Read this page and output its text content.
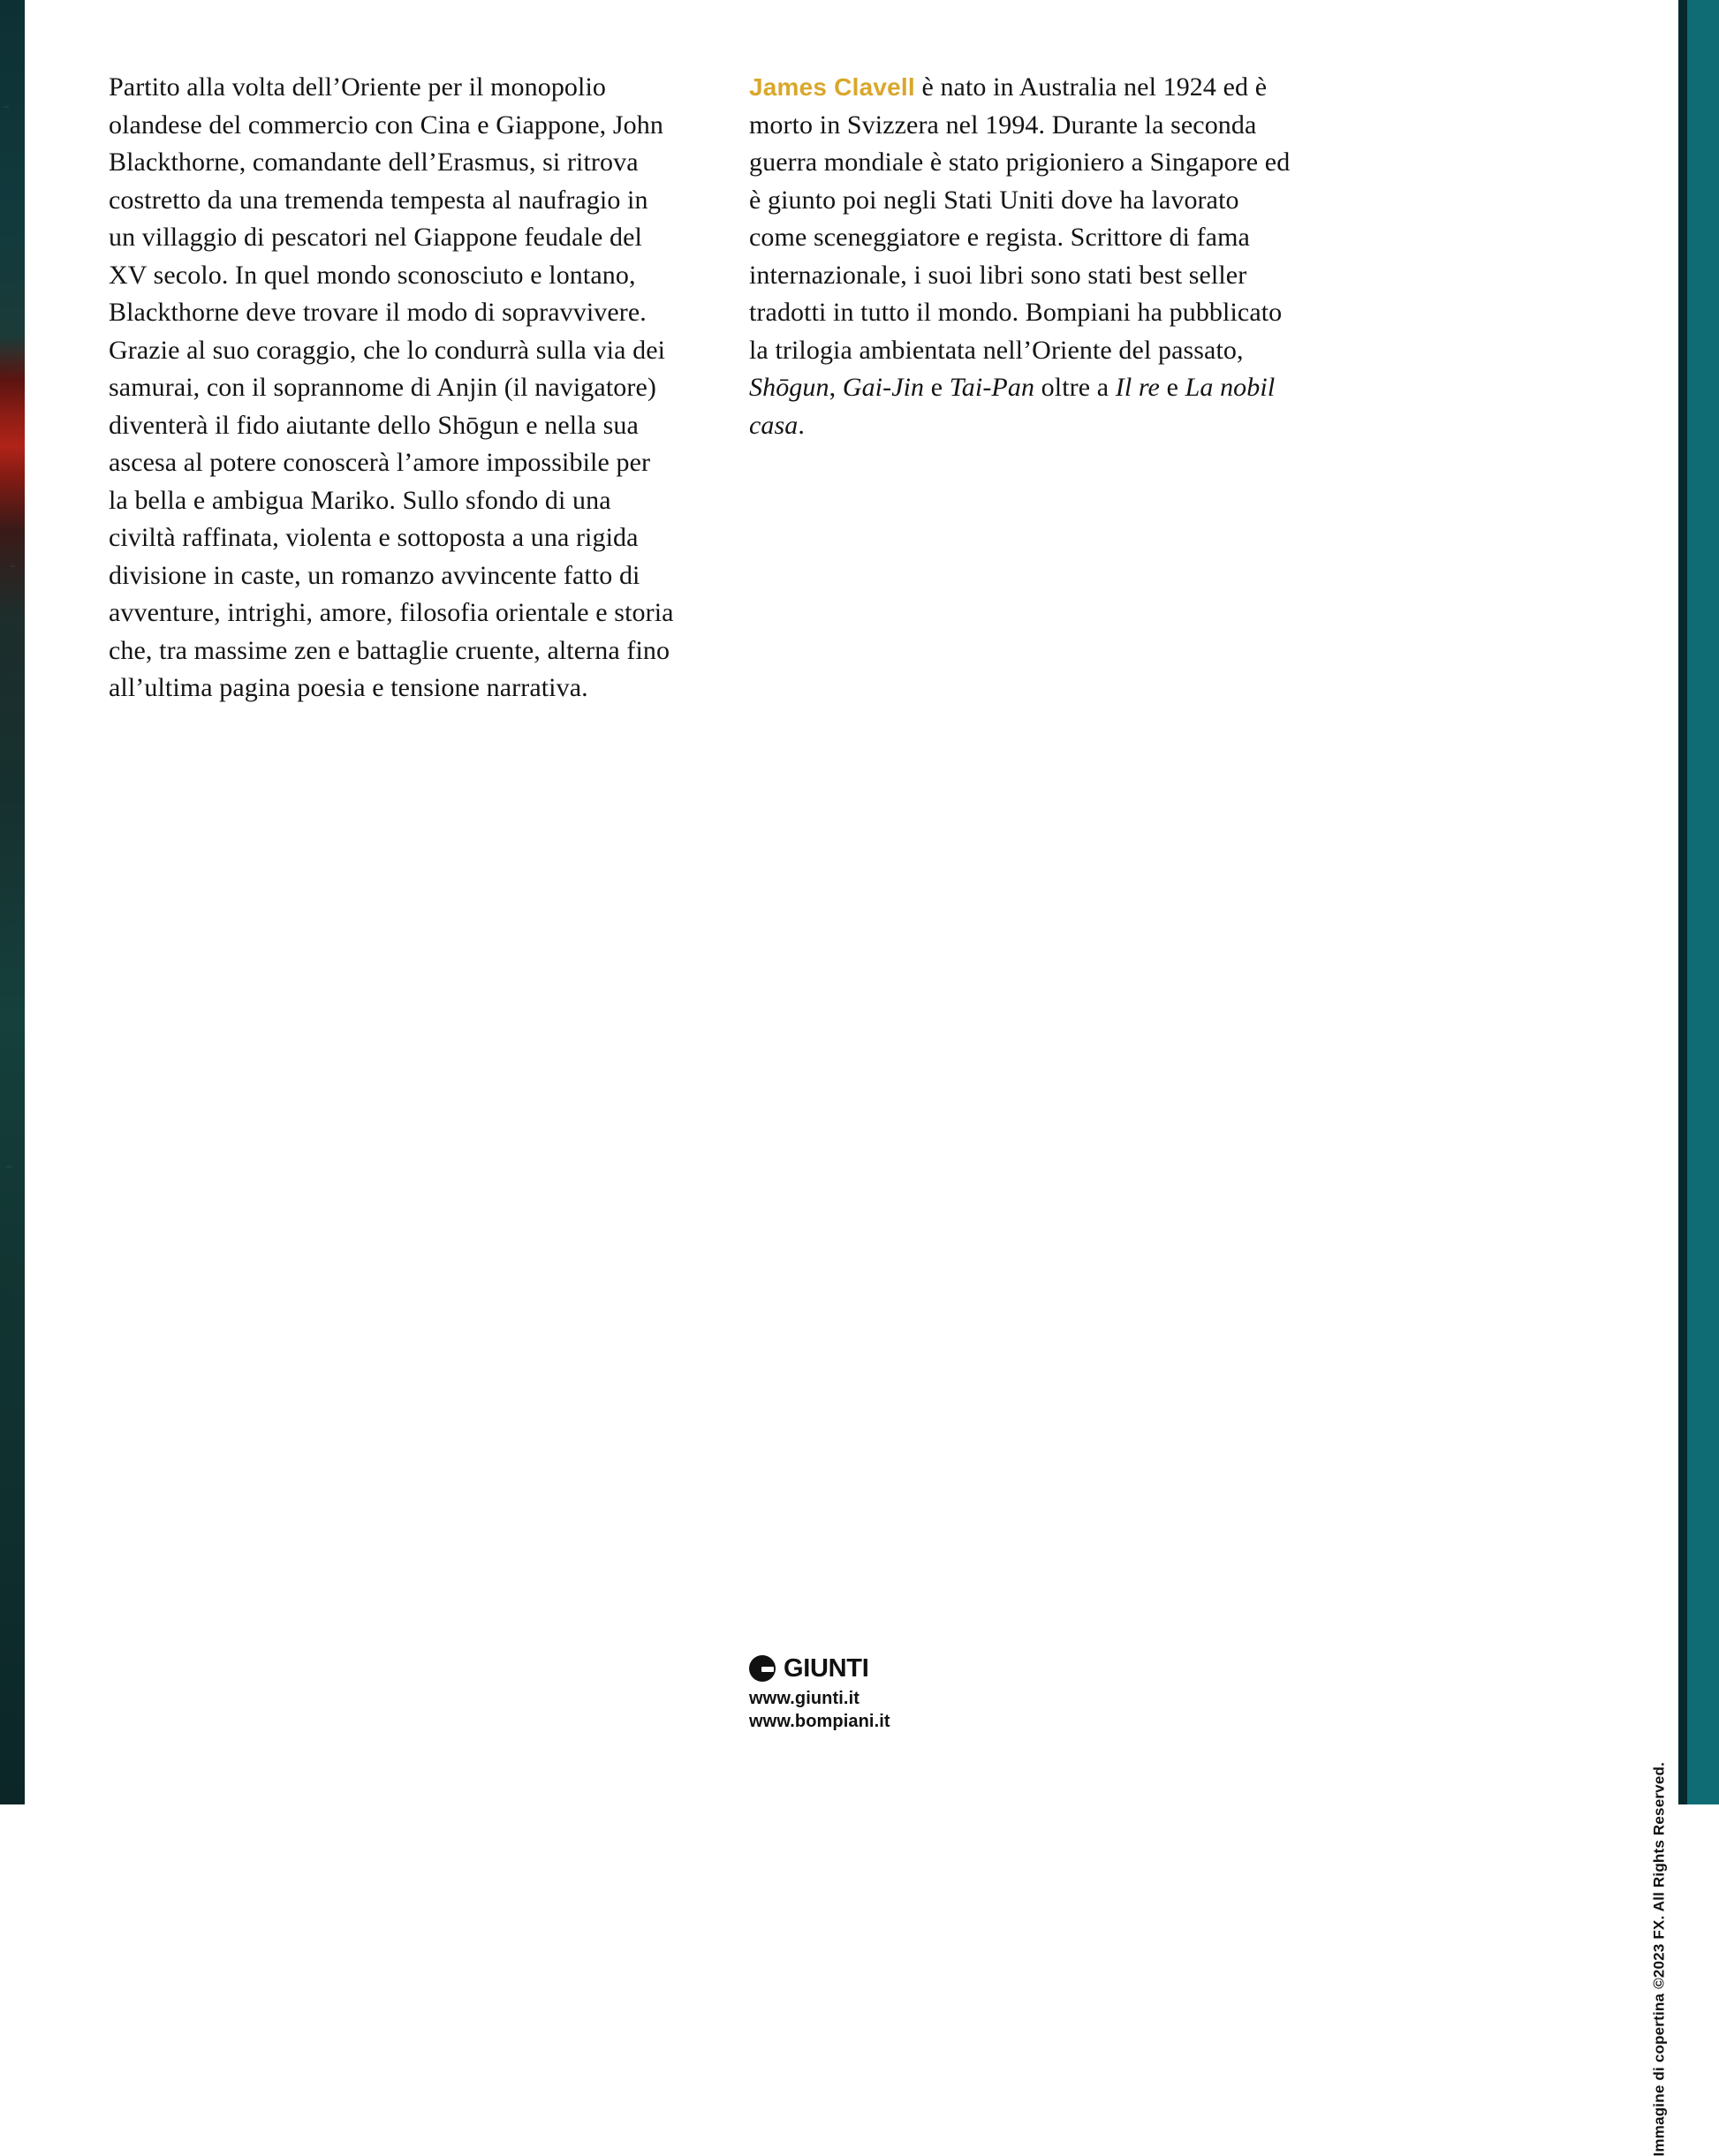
Partito alla volta dell’Oriente per il monopolio olandese del commercio con Cina e Giappone, John Blackthorne, comandante dell’Erasmus, si ritrova costretto da una tremenda tempesta al naufragio in un villaggio di pescatori nel Giappone feudale del XV secolo. In quel mondo sconosciuto e lontano, Blackthorne deve trovare il modo di sopravvivere. Grazie al suo coraggio, che lo condurrà sulla via dei samurai, con il soprannome di Anjin (il navigatore) diventerà il fido aiutante dello Shōgun e nella sua ascesa al potere conoscerà l’amore impossibile per la bella e ambigua Mariko. Sullo sfondo di una civiltà raffinata, violenta e sottoposta a una rigida divisione in caste, un romanzo avvincente fatto di avventure, intrighi, amore, filosofia orientale e storia che, tra massime zen e battaglie cruente, alterna fino all’ultima pagina poesia e tensione narrativa.

James Clavell è nato in Australia nel 1924 ed è morto in Svizzera nel 1994. Durante la seconda guerra mondiale è stato prigioniero a Singapore ed è giunto poi negli Stati Uniti dove ha lavorato come sceneggiatore e regista. Scrittore di fama internazionale, i suoi libri sono stati best seller tradotti in tutto il mondo. Bompiani ha pubblicato la trilogia ambientata nell’Oriente del passato, Shōgun, Gai-Jin e Tai-Pan oltre a Il re e La nobil casa.

GIUNTI
www.giunti.it
www.bompiani.it
Immagine di copertina ©2023 FX. All Rights Reserved.
